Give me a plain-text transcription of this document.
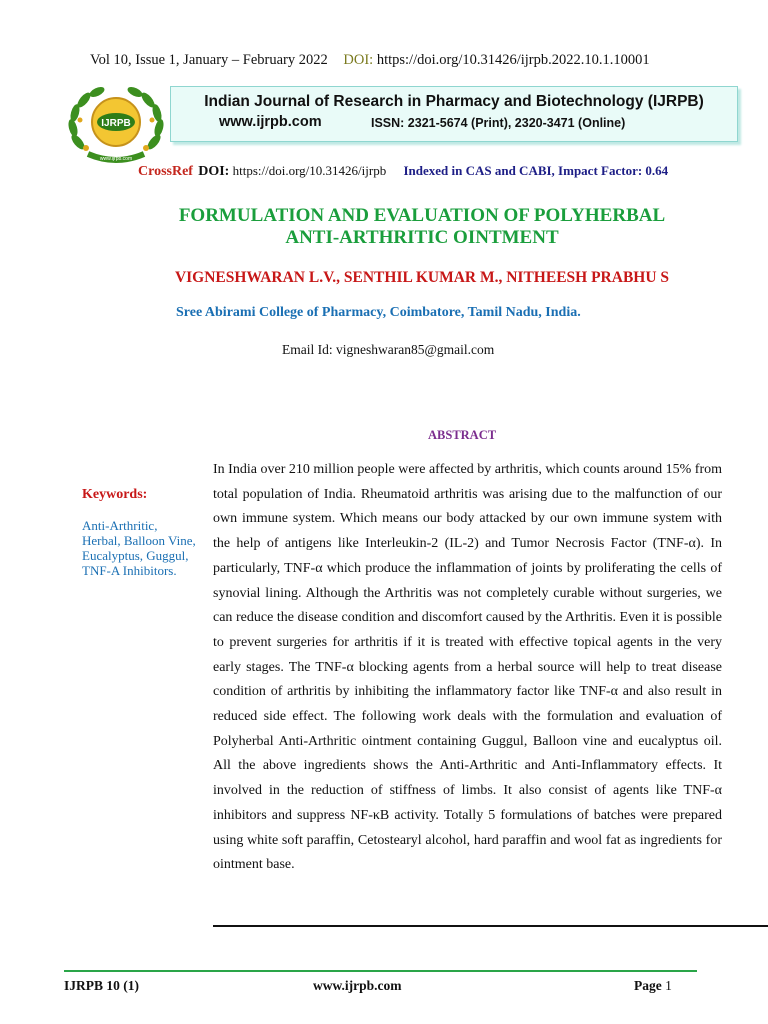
Vol 10, Issue 1, January – February 2022 DOI: https://doi.org/10.31426/ijrpb.2022.10.1.10001
IJRPB
www.ijrpb.com
Indian Journal of Research in Pharmacy and Biotechnology (IJRPB)
www.ijrpb.com	ISSN: 2321-5674 (Print), 2320-3471 (Online)
CrossRef DOI: https://doi.org/10.31426/ijrpb Indexed in CAS and CABI, Impact Factor: 0.64
FORMULATION AND EVALUATION OF POLYHERBAL
ANTI-ARTHRITIC OINTMENT
VIGNESHWARAN L.V., SENTHIL KUMAR M., NITHEESH PRABHU S
Sree Abirami College of Pharmacy, Coimbatore, Tamil Nadu, India.
Email Id: vigneshwaran85@gmail.com
ABSTRACT
Keywords:
Anti-Arthritic, Herbal, Balloon Vine, Eucalyptus, Guggul, TNF-A Inhibitors.
In India over 210 million people were affected by arthritis, which counts around 15% from total population of India. Rheumatoid arthritis was arising due to the malfunction of our own immune system. Which means our body attacked by our own immune system with the help of antigens like Interleukin-2 (IL-2) and Tumor Necrosis Factor (TNF-α). In particularly, TNF-α which produce the inflammation of joints by proliferating the cells of synovial lining. Although the Arthritis was not completely curable without surgeries, we can reduce the disease condition and discomfort caused by the Arthritis. Even it is possible to prevent surgeries for arthritis if it is treated with effective topical agents in the very early stages. The TNF-α blocking agents from a herbal source will help to treat disease condition of arthritis by inhibiting the inflammatory factor like TNF-α and also result in reduced side effect. The following work deals with the formulation and evaluation of Polyherbal Anti-Arthritic ointment containing Guggul, Balloon vine and eucalyptus oil. All the above ingredients shows the Anti-Arthritic and Anti-Inflammatory effects. It involved in the reduction of stiffness of limbs. It also consist of agents like TNF-α inhibitors and suppress NF-κB activity. Totally 5 formulations of batches were prepared using white soft paraffin, Cetostearyl alcohol, hard paraffin and wool fat as ingredients for ointment base.
IJRPB 10 (1)	www.ijrpb.com	Page 1
